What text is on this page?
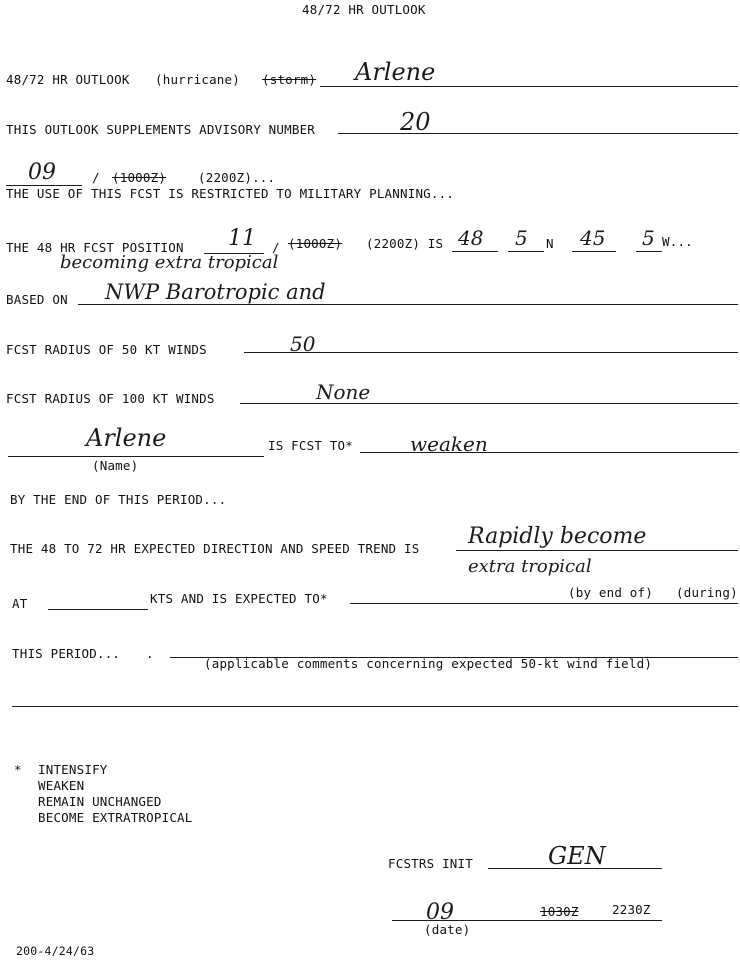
48/72 HR OUTLOOK
48/72 HR OUTLOOK (hurricane) (storm) Arlene
THIS OUTLOOK SUPPLEMENTS ADVISORY NUMBER	20
09	/ (1000Z)	(2200Z)...
THE USE OF THIS FCST IS RESTRICTED TO MILITARY PLANNING...
THE 48 HR FCST POSITION 11 / (1000Z) (2200Z) IS 48 5 N 45 5 W...
becoming extra tropical
BASED ON NWP Barotropic and
FCST RADIUS OF 50 KT WINDS	50
FCST RADIUS OF 100 KT WINDS	None
Arlene
(Name)
IS FCST TO*	weaken
BY THE END OF THIS PERIOD...
THE 48 TO 72 HR EXPECTED DIRECTION AND SPEED TREND IS Rapidly become
extra tropical
AT	KTS AND IS EXPECTED TO*	(by end of) (during)
THIS PERIOD... .
(applicable comments concerning expected 50-kt wind field)
* INTENSIFY
WEAKEN
REMAIN UNCHANGED
BECOME EXTRATROPICAL
FCSTRS INIT	GEN
09	1030Z	2230Z
(date)
200-4/24/63
